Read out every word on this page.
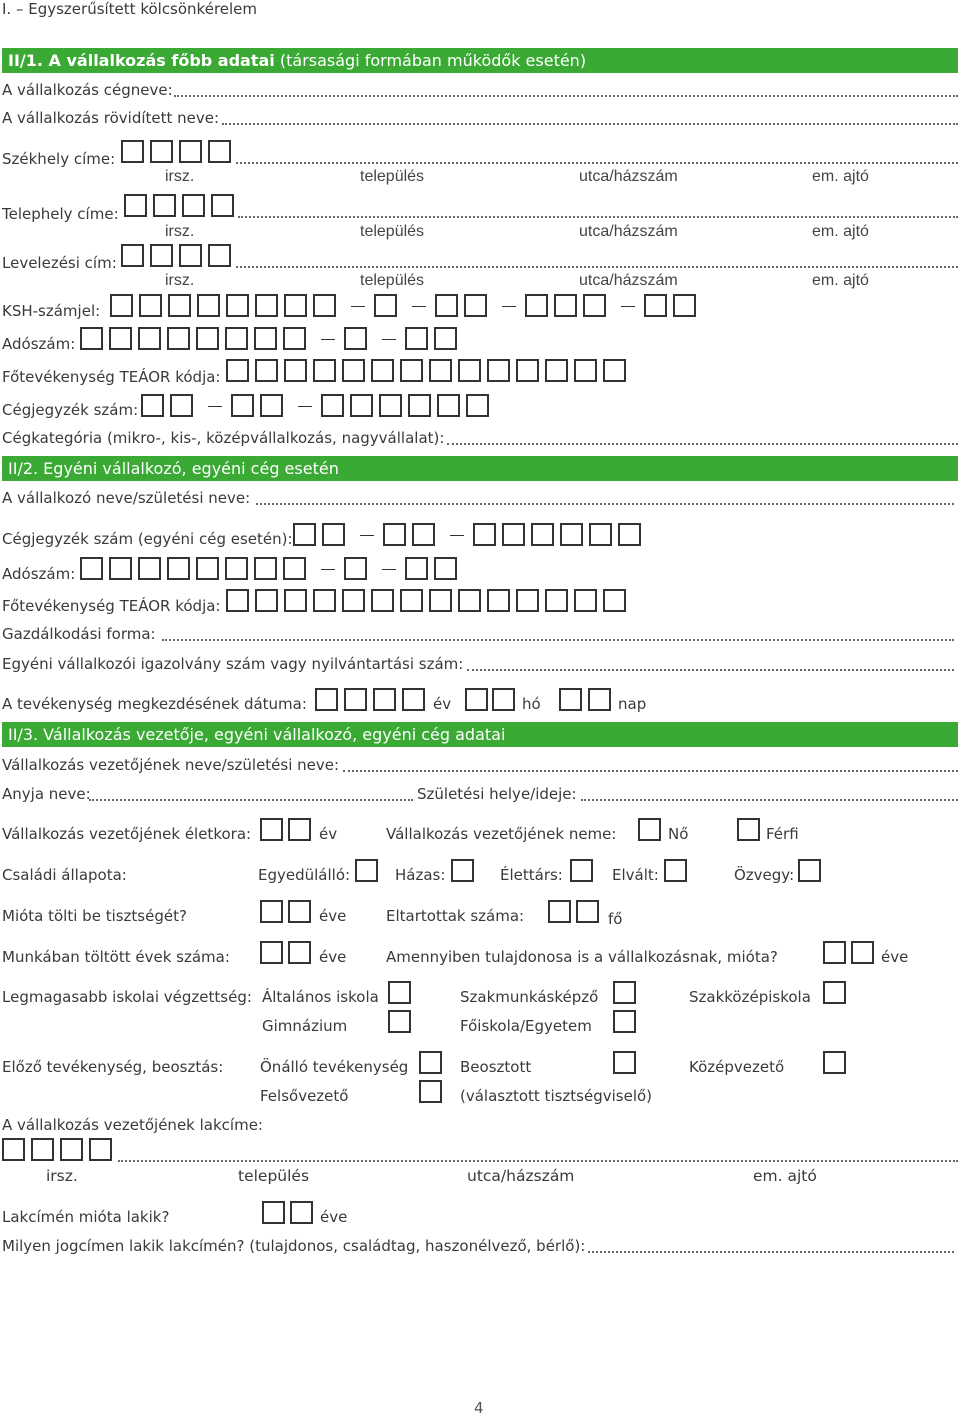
I. – Egyszerűsített kölcsönkérelem
II/1. A vállalkozás főbb adatai (társasági formában működők esetén)
A vállalkozás cégneve:
A vállalkozás rövidített neve:
Székhely címe:
irsz.	település	utca/házszám	em. ajtó
Telephely címe:
irsz.	település	utca/házszám	em. ajtó
Levelezési cím:
irsz.	település	utca/házszám	em. ajtó
KSH-számjel:
Adószám:
Főtevékenység TEÁOR kódja:
Cégjegyzék szám:
Cégkategória (mikro-, kis-, középvállalkozás, nagyvállalat):
II/2. Egyéni vállalkozó, egyéni cég esetén
A vállalkozó neve/születési neve:
Cégjegyzék szám (egyéni cég esetén):
Adószám:
Főtevékenység TEÁOR kódja:
Gazdálkodási forma:
Egyéni vállalkozói igazolvány szám vagy nyilvántartási szám:
A tevékenység megkezdésének dátuma:	év	hó	nap
II/3. Vállalkozás vezetője, egyéni vállalkozó, egyéni cég adatai
Vállalkozás vezetőjének neve/születési neve:
Anyja neve:	Születési helye/ideje:
Vállalkozás vezetőjének életkora:	év	Vállalkozás vezetőjének neme:	Nő	Férfi
Családi állapota:	Egyedülálló:	Házas:	Élettárs:	Elvált:	Özvegy:
Mióta tölti be tisztségét?	éve	Eltartottak száma:	fő
Munkában töltött évek száma:	éve	Amennyiben tulajdonosa is a vállalkozásnak, mióta?	éve
Legmagasabb iskolai végzettség: Általános iskola	Szakmunkásképző	Szakközépiskola
Gimnázium	Főiskola/Egyetem
Előző tevékenység, beosztás: Önálló tevékenység	Beosztott	Középvezető
Felsővezető	(választott tisztségviselő)
A vállalkozás vezetőjének lakcíme:
irsz.	település	utca/házszám	em. ajtó
Lakcímén mióta lakik?	éve
Milyen jogcímen lakik lakcímén? (tulajdonos, családtag, haszonélvező, bérlő):
4
